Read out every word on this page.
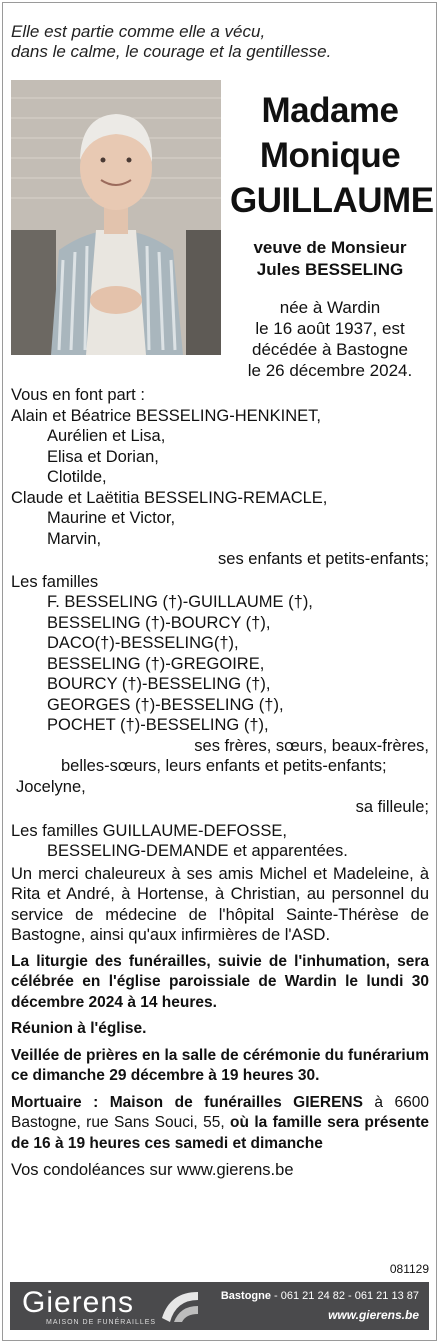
Elle est partie comme elle a vécu,
dans le calme, le courage et la gentillesse.
Madame
Monique
GUILLAUME
veuve de Monsieur
Jules BESSELING
née à Wardin
le 16 août 1937, est
décédée à Bastogne
le 26 décembre 2024.
Vous en font part :
Alain et Béatrice BESSELING-HENKINET,
Aurélien et Lisa,
Elisa et Dorian,
Clotilde,
Claude et Laëtitia BESSELING-REMACLE,
Maurine et Victor,
Marvin,
ses enfants et petits-enfants;
Les familles
F. BESSELING (†)-GUILLAUME (†),
BESSELING (†)-BOURCY (†),
DACO(†)-BESSELING(†),
BESSELING (†)-GREGOIRE,
BOURCY (†)-BESSELING (†),
GEORGES (†)-BESSELING (†),
POCHET (†)-BESSELING (†),
ses frères, sœurs, beaux-frères,
belles-sœurs, leurs enfants et petits-enfants;
Jocelyne,
sa filleule;
Les familles GUILLAUME-DEFOSSE,
BESSELING-DEMANDE et apparentées.
Un merci chaleureux à ses amis Michel et Madeleine, à Rita et André, à Hortense, à Christian, au personnel du service de médecine de l'hôpital Sainte-Thérèse de Bastogne, ainsi qu'aux infirmières de l'ASD.
La liturgie des funérailles, suivie de l'inhumation, sera célébrée en l'église paroissiale de Wardin le lundi 30 décembre 2024 à 14 heures.
Réunion à l'église.
Veillée de prières en la salle de cérémonie du funérarium ce dimanche 29 décembre à 19 heures 30.
Mortuaire : Maison de funérailles GIERENS à 6600 Bastogne, rue Sans Souci, 55, où la famille sera présente de 16 à 19 heures ces samedi et dimanche
Vos condoléances sur www.gierens.be
081129
Gierens
MAISON DE FUNÉRAILLES
Bastogne - 061 21 24 82 - 061 21 13 87
www.gierens.be
